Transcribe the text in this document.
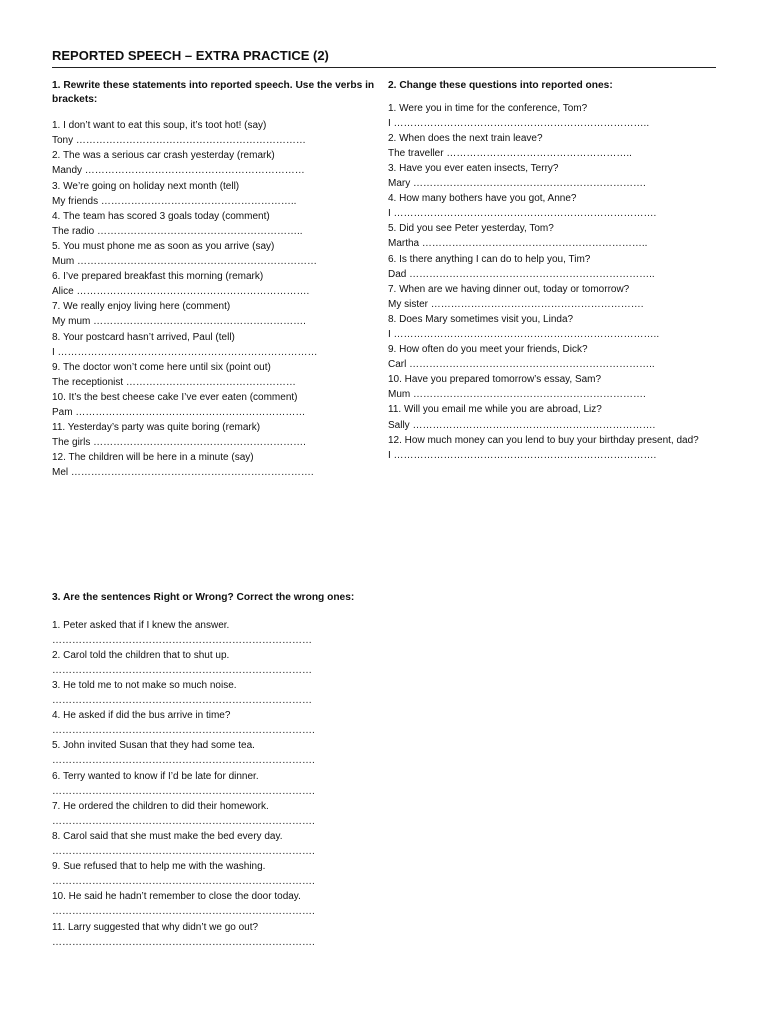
REPORTED SPEECH – EXTRA PRACTICE (2)
1. Rewrite these statements into reported speech. Use the verbs in brackets:
1. I don’t want to eat this soup, it’s toot hot! (say)
Tony ……………………………………………………………
2. The was a serious car crash yesterday (remark)
Mandy …………………………………………………………
3. We’re going on holiday next month (tell)
My friends …………………………………………………..
4. The team has scored 3 goals today (comment)
The radio ……………………………………………………..
5. You must phone me as soon as you arrive (say)
Mum ………………………………………………………………
6. I’ve prepared breakfast this morning (remark)
Alice …………………………………………………………….
7. We really enjoy living here (comment)
My mum ……………………………………………………….
8. Your postcard hasn’t arrived, Paul (tell)
I ……………………………………………………………………
9. The doctor won’t come here until six (point out)
The receptionist ……………………………………………
10. It’s the best cheese cake I’ve ever eaten (comment)
Pam ……………………………………………………………
11. Yesterday’s party was quite boring (remark)
The girls ……………………………………………………….
12. The children will be here in a minute (say)
Mel ……………………………………………………………….
2. Change these questions into reported ones:
1. Were you in time for the conference, Tom?
I …………………………………………………………………..
2. When does the next train leave?
The traveller ………………………………………………..
3. Have you ever eaten insects, Terry?
Mary …………………………………………………………….
4. How many bothers have you got, Anne?
I …………………………………………………………………….
5. Did you see Peter yesterday, Tom?
Martha …………………………………………………………..
6. Is there anything I can do to help you, Tim?
Dad ………………………………………………………………..
7. When are we having dinner out, today or tomorrow?
My sister ……………………………………………………….
8. Does Mary sometimes visit you, Linda?
I ……………………………………………………………………..
9. How often do you meet your friends, Dick?
Carl ………………………………………………………………..
10. Have you prepared tomorrow’s essay, Sam?
Mum …………………………………………………………….
11. Will you email me while you are abroad, Liz?
Sally ……………………………………………………………….
12. How much money can you lend to buy your birthday present, dad?
I …………………………………………………………………….
3. Are the sentences Right or Wrong? Correct the wrong ones:
1. Peter asked that if I knew the answer.
……………………………………………………………………
2. Carol told the children that to shut up.
……………………………………………………………………
3. He told me to not make so much noise.
……………………………………………………………………
4. He asked if did the bus arrive in time?
…………………………………………………………………….
5. John invited Susan that they had some tea.
…………………………………………………………………….
6. Terry wanted to know if I’d be late for dinner.
…………………………………………………………………….
7. He ordered the children to did their homework.
…………………………………………………………………….
8. Carol said that she must make the bed every day.
…………………………………………………………………….
9. Sue refused that to help me with the washing.
…………………………………………………………………….
10. He said he hadn’t remember to close the door today.
…………………………………………………………………….
11. Larry suggested that why didn’t we go out?
…………………………………………………………………….
